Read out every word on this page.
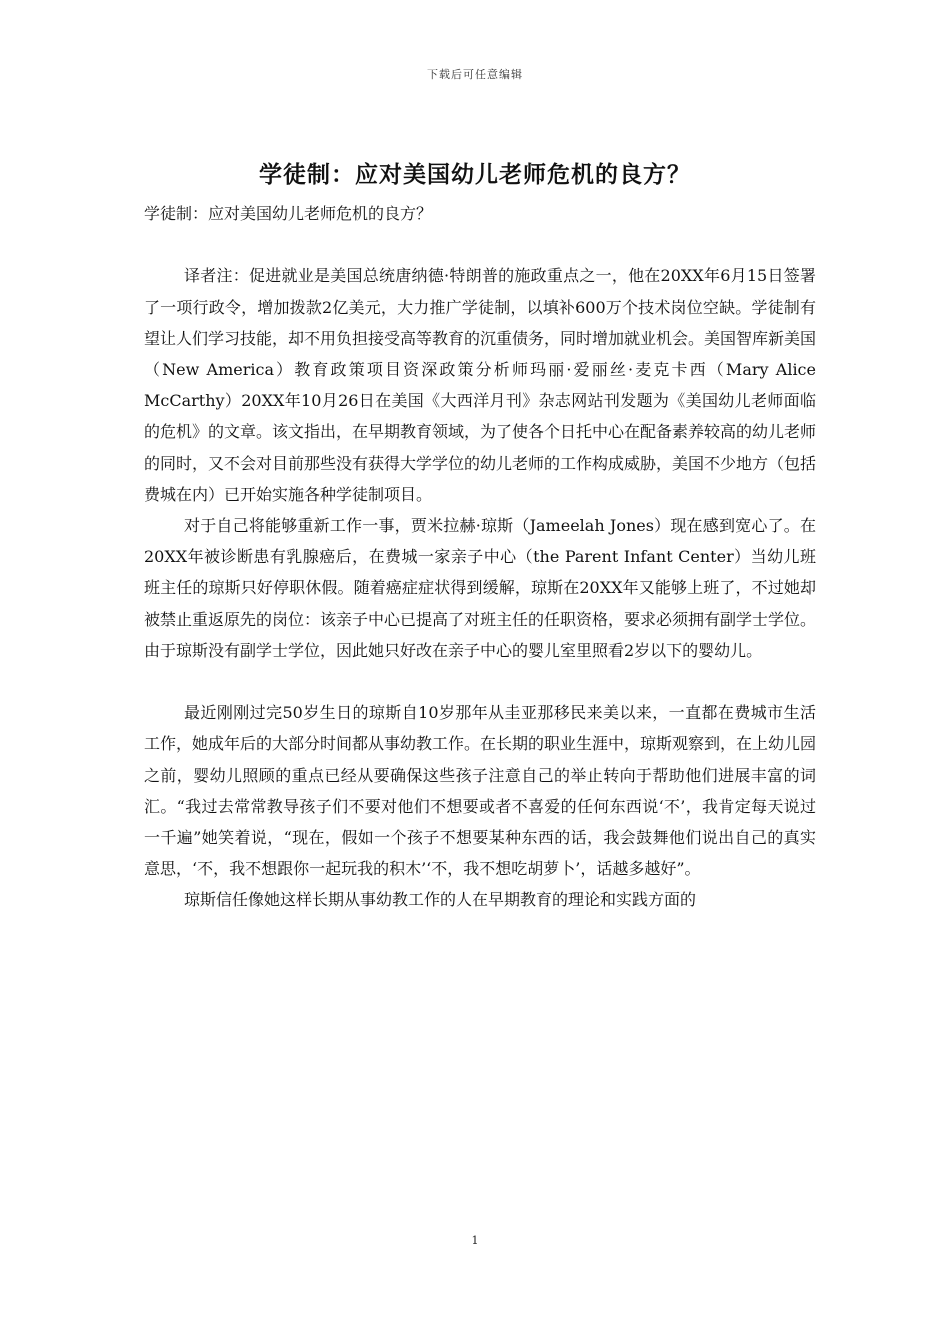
下载后可任意编辑
学徒制：应对美国幼儿老师危机的良方？

学徒制：应对美国幼儿老师危机的良方？

译者注：促进就业是美国总统唐纳德·特朗普的施政重点之一，他在20XX年6月15日签署了一项行政令，增加拨款2亿美元，大力推广学徒制，以填补600万个技术岗位空缺。学徒制有望让人们学习技能，却不用负担接受高等教育的沉重债务，同时增加就业机会。美国智库新美国（New America）教育政策项目资深政策分析师玛丽·爱丽丝·麦克卡西（Mary Alice McCarthy）20XX年10月26日在美国《大西洋月刊》杂志网站刊发题为《美国幼儿老师面临的危机》的文章。该文指出，在早期教育领域，为了使各个日托中心在配备素养较高的幼儿老师的同时，又不会对目前那些没有获得大学学位的幼儿老师的工作构成威胁，美国不少地方（包括费城在内）已开始实施各种学徒制项目。

对于自己将能够重新工作一事，贾米拉赫·琼斯（Jameelah Jones）现在感到宽心了。在20XX年被诊断患有乳腺癌后，在费城一家亲子中心（the Parent Infant Center）当幼儿班班主任的琼斯只好停职休假。随着癌症症状得到缓解，琼斯在20XX年又能够上班了，不过她却被禁止重返原先的岗位：该亲子中心已提高了对班主任的任职资格，要求必须拥有副学士学位。由于琼斯没有副学士学位，因此她只好改在亲子中心的婴儿室里照看2岁以下的婴幼儿。

最近刚刚过完50岁生日的琼斯自10岁那年从圭亚那移民来美以来，一直都在费城市生活工作，她成年后的大部分时间都从事幼教工作。在长期的职业生涯中，琼斯观察到，在上幼儿园之前，婴幼儿照顾的重点已经从要确保这些孩子注意自己的举止转向于帮助他们进展丰富的词汇。“我过去常常教导孩子们不要对他们不想要或者不喜爱的任何东西说‘不’，我肯定每天说过一千遍”她笑着说，“现在，假如一个孩子不想要某种东西的话，我会鼓舞他们说出自己的真实意思，‘不，我不想跟你一起玩我的积木’‘不，我不想吃胡萝卜’，话越多越好”。

琼斯信任像她这样长期从事幼教工作的人在早期教育的理论和实践方面的

1
